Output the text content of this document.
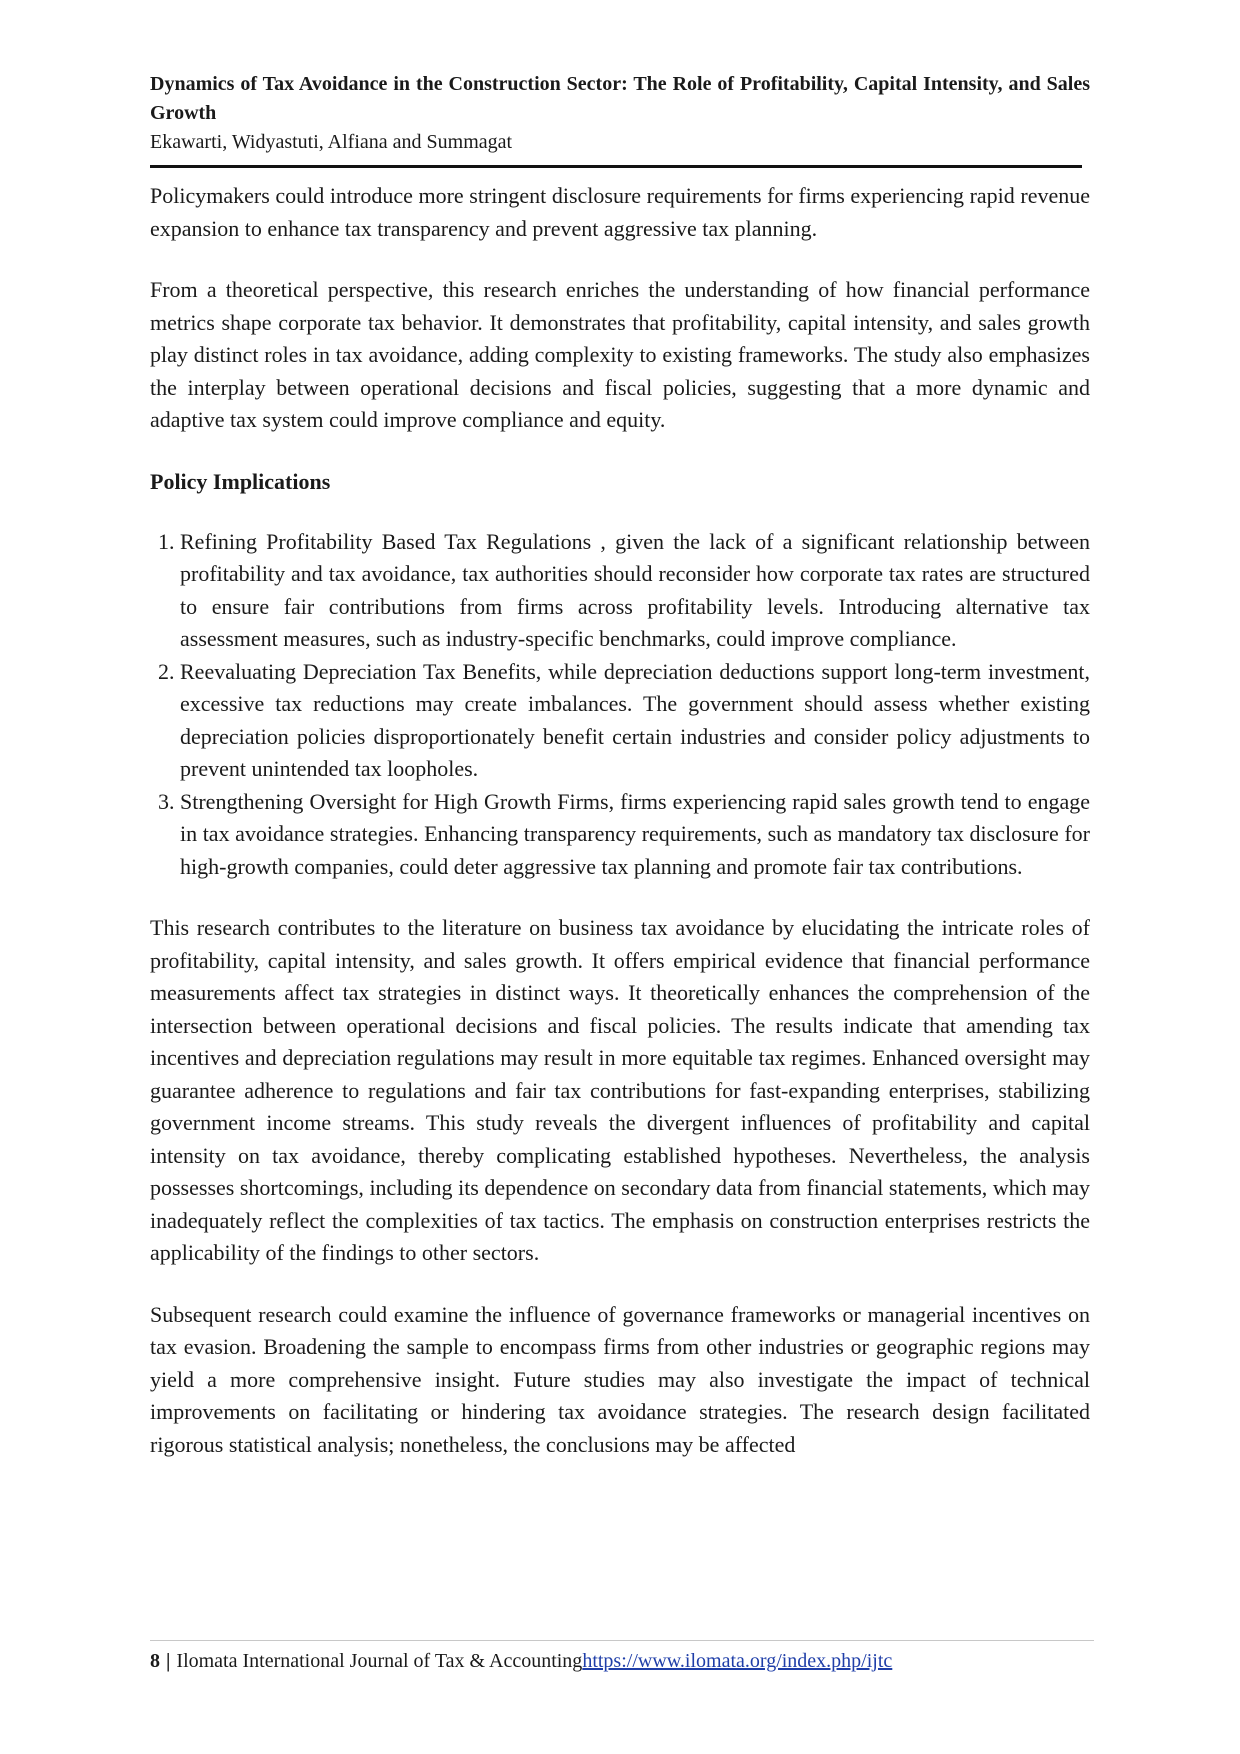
Dynamics of Tax Avoidance in the Construction Sector: The Role of Profitability, Capital Intensity, and Sales Growth

Ekawarti, Widyastuti, Alfiana and Summagat

Policymakers could introduce more stringent disclosure requirements for firms experiencing rapid revenue expansion to enhance tax transparency and prevent aggressive tax planning.

From a theoretical perspective, this research enriches the understanding of how financial performance metrics shape corporate tax behavior. It demonstrates that profitability, capital intensity, and sales growth play distinct roles in tax avoidance, adding complexity to existing frameworks. The study also emphasizes the interplay between operational decisions and fiscal policies, suggesting that a more dynamic and adaptive tax system could improve compliance and equity.

Policy Implications
1. Refining Profitability Based Tax Regulations , given the lack of a significant relationship between profitability and tax avoidance, tax authorities should reconsider how corporate tax rates are structured to ensure fair contributions from firms across profitability levels. Introducing alternative tax assessment measures, such as industry-specific benchmarks, could improve compliance.
2. Reevaluating Depreciation Tax Benefits, while depreciation deductions support long-term investment, excessive tax reductions may create imbalances. The government should assess whether existing depreciation policies disproportionately benefit certain industries and consider policy adjustments to prevent unintended tax loopholes.
3. Strengthening Oversight for High Growth Firms, firms experiencing rapid sales growth tend to engage in tax avoidance strategies. Enhancing transparency requirements, such as mandatory tax disclosure for high-growth companies, could deter aggressive tax planning and promote fair tax contributions.

This research contributes to the literature on business tax avoidance by elucidating the intricate roles of profitability, capital intensity, and sales growth. It offers empirical evidence that financial performance measurements affect tax strategies in distinct ways. It theoretically enhances the comprehension of the intersection between operational decisions and fiscal policies. The results indicate that amending tax incentives and depreciation regulations may result in more equitable tax regimes. Enhanced oversight may guarantee adherence to regulations and fair tax contributions for fast-expanding enterprises, stabilizing government income streams. This study reveals the divergent influences of profitability and capital intensity on tax avoidance, thereby complicating established hypotheses. Nevertheless, the analysis possesses shortcomings, including its dependence on secondary data from financial statements, which may inadequately reflect the complexities of tax tactics. The emphasis on construction enterprises restricts the applicability of the findings to other sectors.

Subsequent research could examine the influence of governance frameworks or managerial incentives on tax evasion. Broadening the sample to encompass firms from other industries or geographic regions may yield a more comprehensive insight. Future studies may also investigate the impact of technical improvements on facilitating or hindering tax avoidance strategies. The research design facilitated rigorous statistical analysis; nonetheless, the conclusions may be affected

8 | Ilomata International Journal of Tax & Accountinghttps://www.ilomata.org/index.php/ijtc
